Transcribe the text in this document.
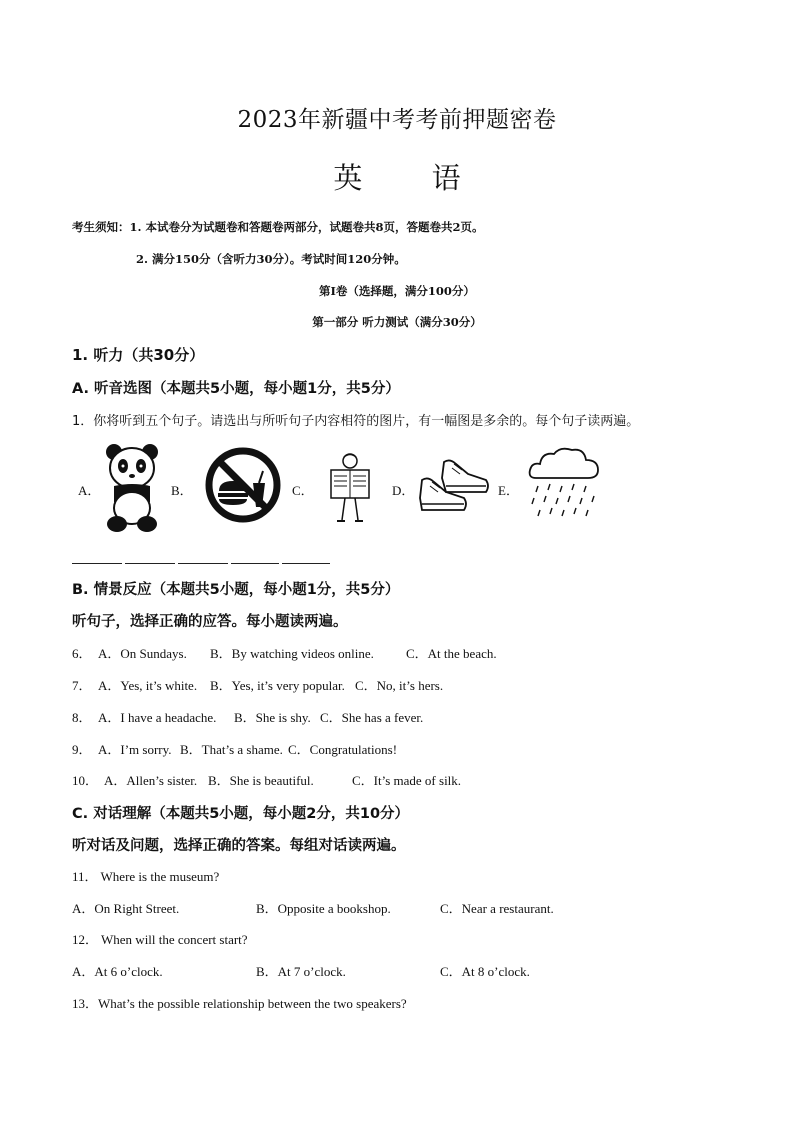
2023年新疆中考考前押题密卷
英 语
考生须知：1. 本试卷分为试题卷和答题卷两部分，试题卷共8页，答题卷共2页。
2. 满分150分（含听力30分）。考试时间120分钟。
第Ⅰ卷（选择题，满分100分）
第一部分 听力测试（满分30分）
1. 听力（共30分）
A. 听音选图（本题共5小题，每小题1分，共5分）
1．你将听到五个句子。请选出与所听句子内容相符的图片，有一幅图是多余的。每个句子读两遍。
A．	B．	C．	D．	E．
B. 情景反应（本题共5小题，每小题1分，共5分）
听句子，选择正确的应答。每小题读两遍。
6． A．On Sundays. B．By watching videos online. C．At the beach.
7． A．Yes, it’s white. B．Yes, it’s very popular. C．No, it’s hers.
8． A．I have a headache. B．She is shy. C．She has a fever.
9． A．I’m sorry. B．That’s a shame. C．Congratulations!
10． A．Allen’s sister. B．She is beautiful.	C．It’s made of silk.
C. 对话理解（本题共5小题，每小题2分，共10分）
听对话及问题，选择正确的答案。每组对话读两遍。
11． Where is the museum?
A．On Right Street.	B．Opposite a bookshop.	C．Near a restaurant.
12． When will the concert start?
A．At 6 o’clock.	B．At 7 o’clock.	C．At 8 o’clock.
13．What’s the possible relationship between the two speakers?
